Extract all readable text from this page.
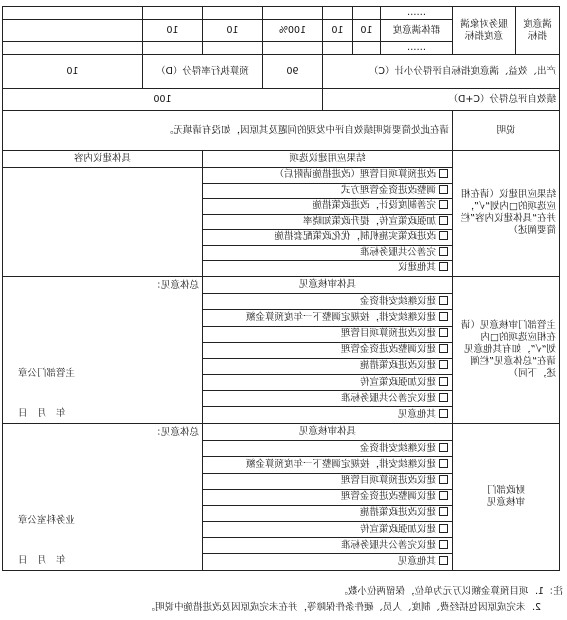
满意度指标	服务对象满意度指标	……						
		群体满意度	10	10	100%	10	10	
		……						
产出、效益、满意度指标自评得分小计（C）					90	预算执行率得分（D）		10
绩效自评总得分（C+D）					100			
说明		请在此处简要说明绩效自评中发现的问题及其原因，如没有请填无。						
结果应用建议（请在相应选项的□内划“√”，并在“具体建议内容”栏简要阐述）		结果应用建议选项					具体建议内容	
		改进预算项目管理（改进措施请附后）						
		调整改进资金管理方式						
		完善制度设计，改进政策措施						
		加强政策宣传，提升政策知晓率						
		改进政策实施机制，优化政策配套措施						
		完善公共服务标准						
		其他建议						
主管部门审核意见（请在相应选项的□内划“√”，如有其他意见请在“总体意见”栏阐述，下同）		具体审核意见					总体意见：
主管部门公章
年　月　日	

		建议继续安排资金						
		建议继续安排，按规定调整下一年度预算金额						
		建议改进预算项目管理						
		建议调整改进资金管理						
		建议改进政策措施						
		建议加强政策宣传						
		建议完善公共服务标准						
		其他意见						
财政部门审核意见		具体审核意见					总体意见：
业务科室公章
年　月　日	

		建议继续安排资金						
		建议继续安排，按规定调整下一年度预算金额						
		建议改进预算项目管理						
		建议调整改进资金管理						
		建议改进政策措施						
		建议加强政策宣传						
		建议完善公共服务标准						
		其他意见						
注：1．项目预算金额以万元为单位，保留两位小数。
2．未完成原因包括经费、制度、人员、硬件条件保障等，并在未完成原因及改进措施中说明。
